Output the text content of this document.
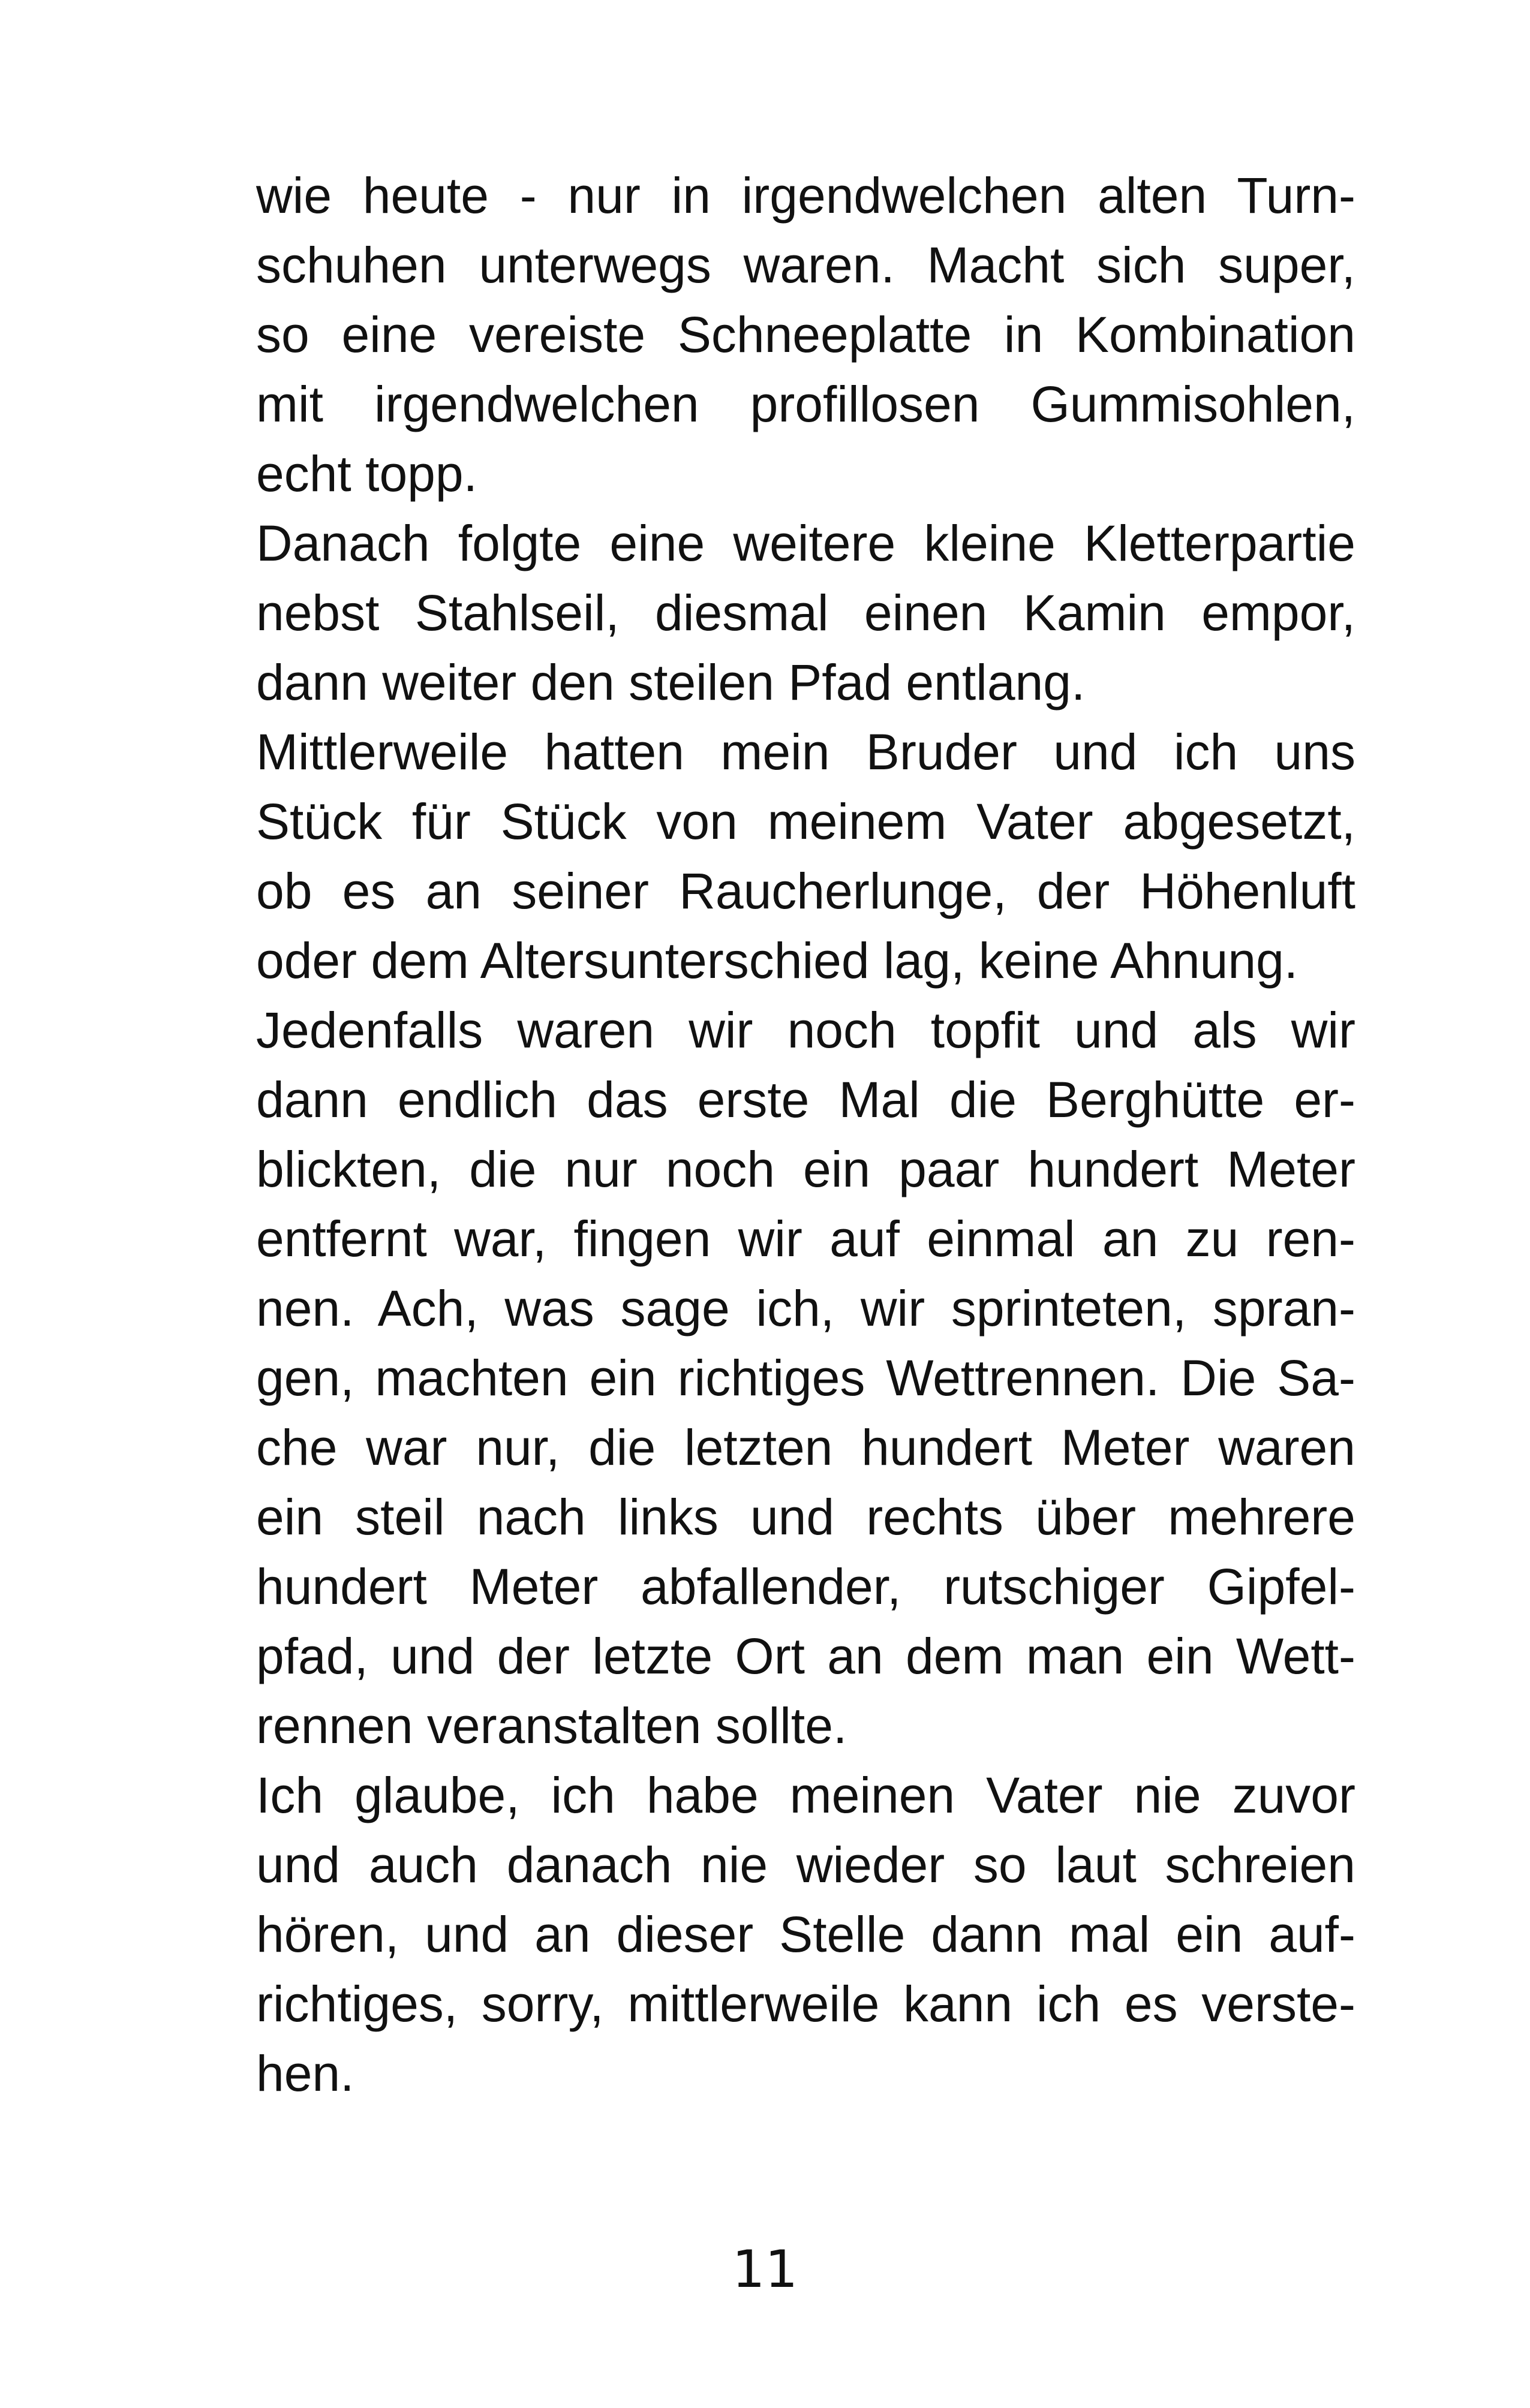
wie heute - nur in irgendwelchen alten Turn-
schuhen unterwegs waren. Macht sich super,
so eine vereiste Schneeplatte in Kombination
mit irgendwelchen profillosen Gummisohlen,
echt topp.

Danach folgte eine weitere kleine Kletterpartie
nebst Stahlseil, diesmal einen Kamin empor,
dann weiter den steilen Pfad entlang.

Mittlerweile hatten mein Bruder und ich uns
Stück für Stück von meinem Vater abgesetzt,
ob es an seiner Raucherlunge, der Höhenluft
oder dem Altersunterschied lag, keine Ahnung.

Jedenfalls waren wir noch topfit und als wir
dann endlich das erste Mal die Berghütte er-
blickten, die nur noch ein paar hundert Meter
entfernt war, fingen wir auf einmal an zu ren-
nen. Ach, was sage ich, wir sprinteten, spran-
gen, machten ein richtiges Wettrennen. Die Sa-
che war nur, die letzten hundert Meter waren
ein steil nach links und rechts über mehrere
hundert Meter abfallender, rutschiger Gipfel-
pfad, und der letzte Ort an dem man ein Wett-
rennen veranstalten sollte.

Ich glaube, ich habe meinen Vater nie zuvor
und auch danach nie wieder so laut schreien
hören, und an dieser Stelle dann mal ein auf-
richtiges, sorry, mittlerweile kann ich es verste-
hen.

11
